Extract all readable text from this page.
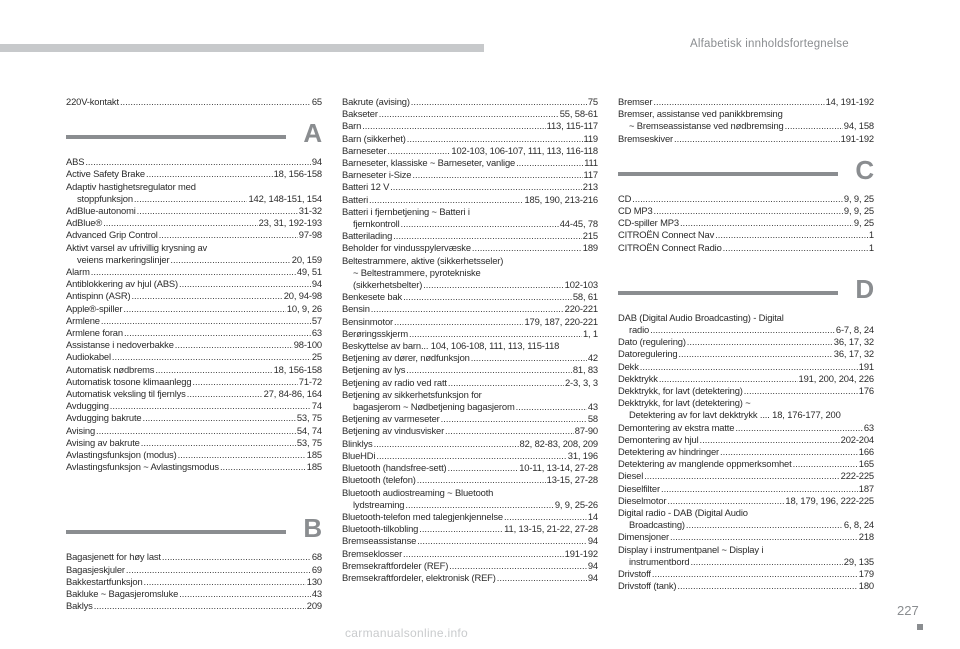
Alfabetisk innholdsfortegnelse
220V-kontakt .....	65
A
ABS .....	94
Active Safety Brake .....	18, 156-158
Adaptiv hastighetsregulator med
stoppfunksjon .....	142, 148-151, 154
AdBlue-autonomi .....	31-32
AdBlue® .....	23, 31, 192-193
Advanced Grip Control .....	97-98
Aktivt varsel av ufrivillig krysning av
veiens markeringslinjer .....	20, 159
Alarm .....	49, 51
Antiblokkering av hjul (ABS) .....	94
Antispinn (ASR) .....	20, 94-98
Apple®-spiller .....	10, 9, 26
Armlene .....	57
Armlene foran .....	63
Assistanse i nedoverbakke .....	98-100
Audiokabel .....	25
Automatisk nødbrems .....	18, 156-158
Automatisk tosone klimaanlegg .....	71-72
Automatisk veksling til fjernlys .....	27, 84-86, 164
Avdugging .....	74
Avdugging bakrute .....	53, 75
Avising .....	54, 74
Avising av bakrute .....	53, 75
Avlastingsfunksjon (modus) .....	185
Avlastingsfunksjon ~ Avlastingsmodus .....	185
B
Bagasjenett for høy last .....	68
Bagasjeskjuler .....	69
Bakkestartfunksjon .....	130
Bakluke ~ Bagasjeromsluke .....	43
Baklys .....	209
Bakrute (avising) .....	75
Bakseter .....	55, 58-61
Barn .....	113, 115-117
Barn (sikkerhet) .....	119
Barneseter .....	102-103, 106-107, 111, 113, 116-118
Barneseter, klassiske ~ Barneseter, vanlige .....	111
Barneseter i-Size .....	117
Batteri 12 V .....	213
Batteri .....	185, 190, 213-216
Batteri i fjernbetjening ~ Batteri i
fjernkontroll .....	44-45, 78
Batterilading .....	215
Beholder for vindusspylervæske .....	189
Beltestrammere, aktive (sikkerhetsseler)
~ Beltestrammere, pyrotekniske
(sikkerhetsbelter) .....	102-103
Benkesete bak .....	58, 61
Bensin .....	220-221
Bensinmotor .....	179, 187, 220-221
Berøringsskjerm .....	1, 1
Beskyttelse av barn... 104, 106-108, 111, 113, 115-118
Betjening av dører, nødfunksjon .....	42
Betjening av lys .....	81, 83
Betjening av radio ved ratt .....	2-3, 3, 3
Betjening av sikkerhetsfunksjon for
bagasjerom ~ Nødbetjening bagasjerom .....	43
Betjening av varmeseter .....	58
Betjening av vindusvisker .....	87-90
Blinklys .....	82, 82-83, 208, 209
BlueHDi .....	31, 196
Bluetooth (handsfree-sett) .....	10-11, 13-14, 27-28
Bluetooth (telefon) .....	13-15, 27-28
Bluetooth audiostreaming ~ Bluetooth
lydstreaming .....	9, 9, 25-26
Bluetooth-telefon med talegjenkjennelse .....	14
Bluetooth-tilkobling .....	11, 13-15, 21-22, 27-28
Bremseassistanse .....	94
Bremseklosser .....	191-192
Bremsekraftfordeler (REF) .....	94
Bremsekraftfordeler, elektronisk (REF) .....	94
Bremser .....	14, 191-192
Bremser, assistanse ved panikkbremsing
~ Bremseassistanse ved nødbremsing .....	94, 158
Bremseskiver .....	191-192
C
CD .....	9, 9, 25
CD MP3 .....	9, 9, 25
CD-spiller MP3 .....	9, 25
CITROËN Connect Nav .....	1
CITROËN Connect Radio .....	1
D
DAB (Digital Audio Broadcasting) - Digital
radio .....	6-7, 8, 24
Dato (regulering) .....	36, 17, 32
Datoregulering .....	36, 17, 32
Dekk .....	191
Dekktrykk .....	191, 200, 204, 226
Dekktrykk, for lavt (detektering) .....	176
Dekktrykk, for lavt (detektering) ~
Detektering av for lavt dekktrykk .... 18, 176-177, 200
Demontering av ekstra matte .....	63
Demontering av hjul .....	202-204
Detektering av hindringer .....	166
Detektering av manglende oppmerksomhet .....	165
Diesel .....	222-225
Dieselfilter .....	187
Dieselmotor .....	18, 179, 196, 222-225
Digital radio - DAB (Digital Audio
Broadcasting) .....	6, 8, 24
Dimensjoner .....	218
Display i instrumentpanel ~ Display i
instrumentbord .....	29, 135
Drivstoff .....	179
Drivstoff (tank) .....	180
carmanualsonline.info
227
